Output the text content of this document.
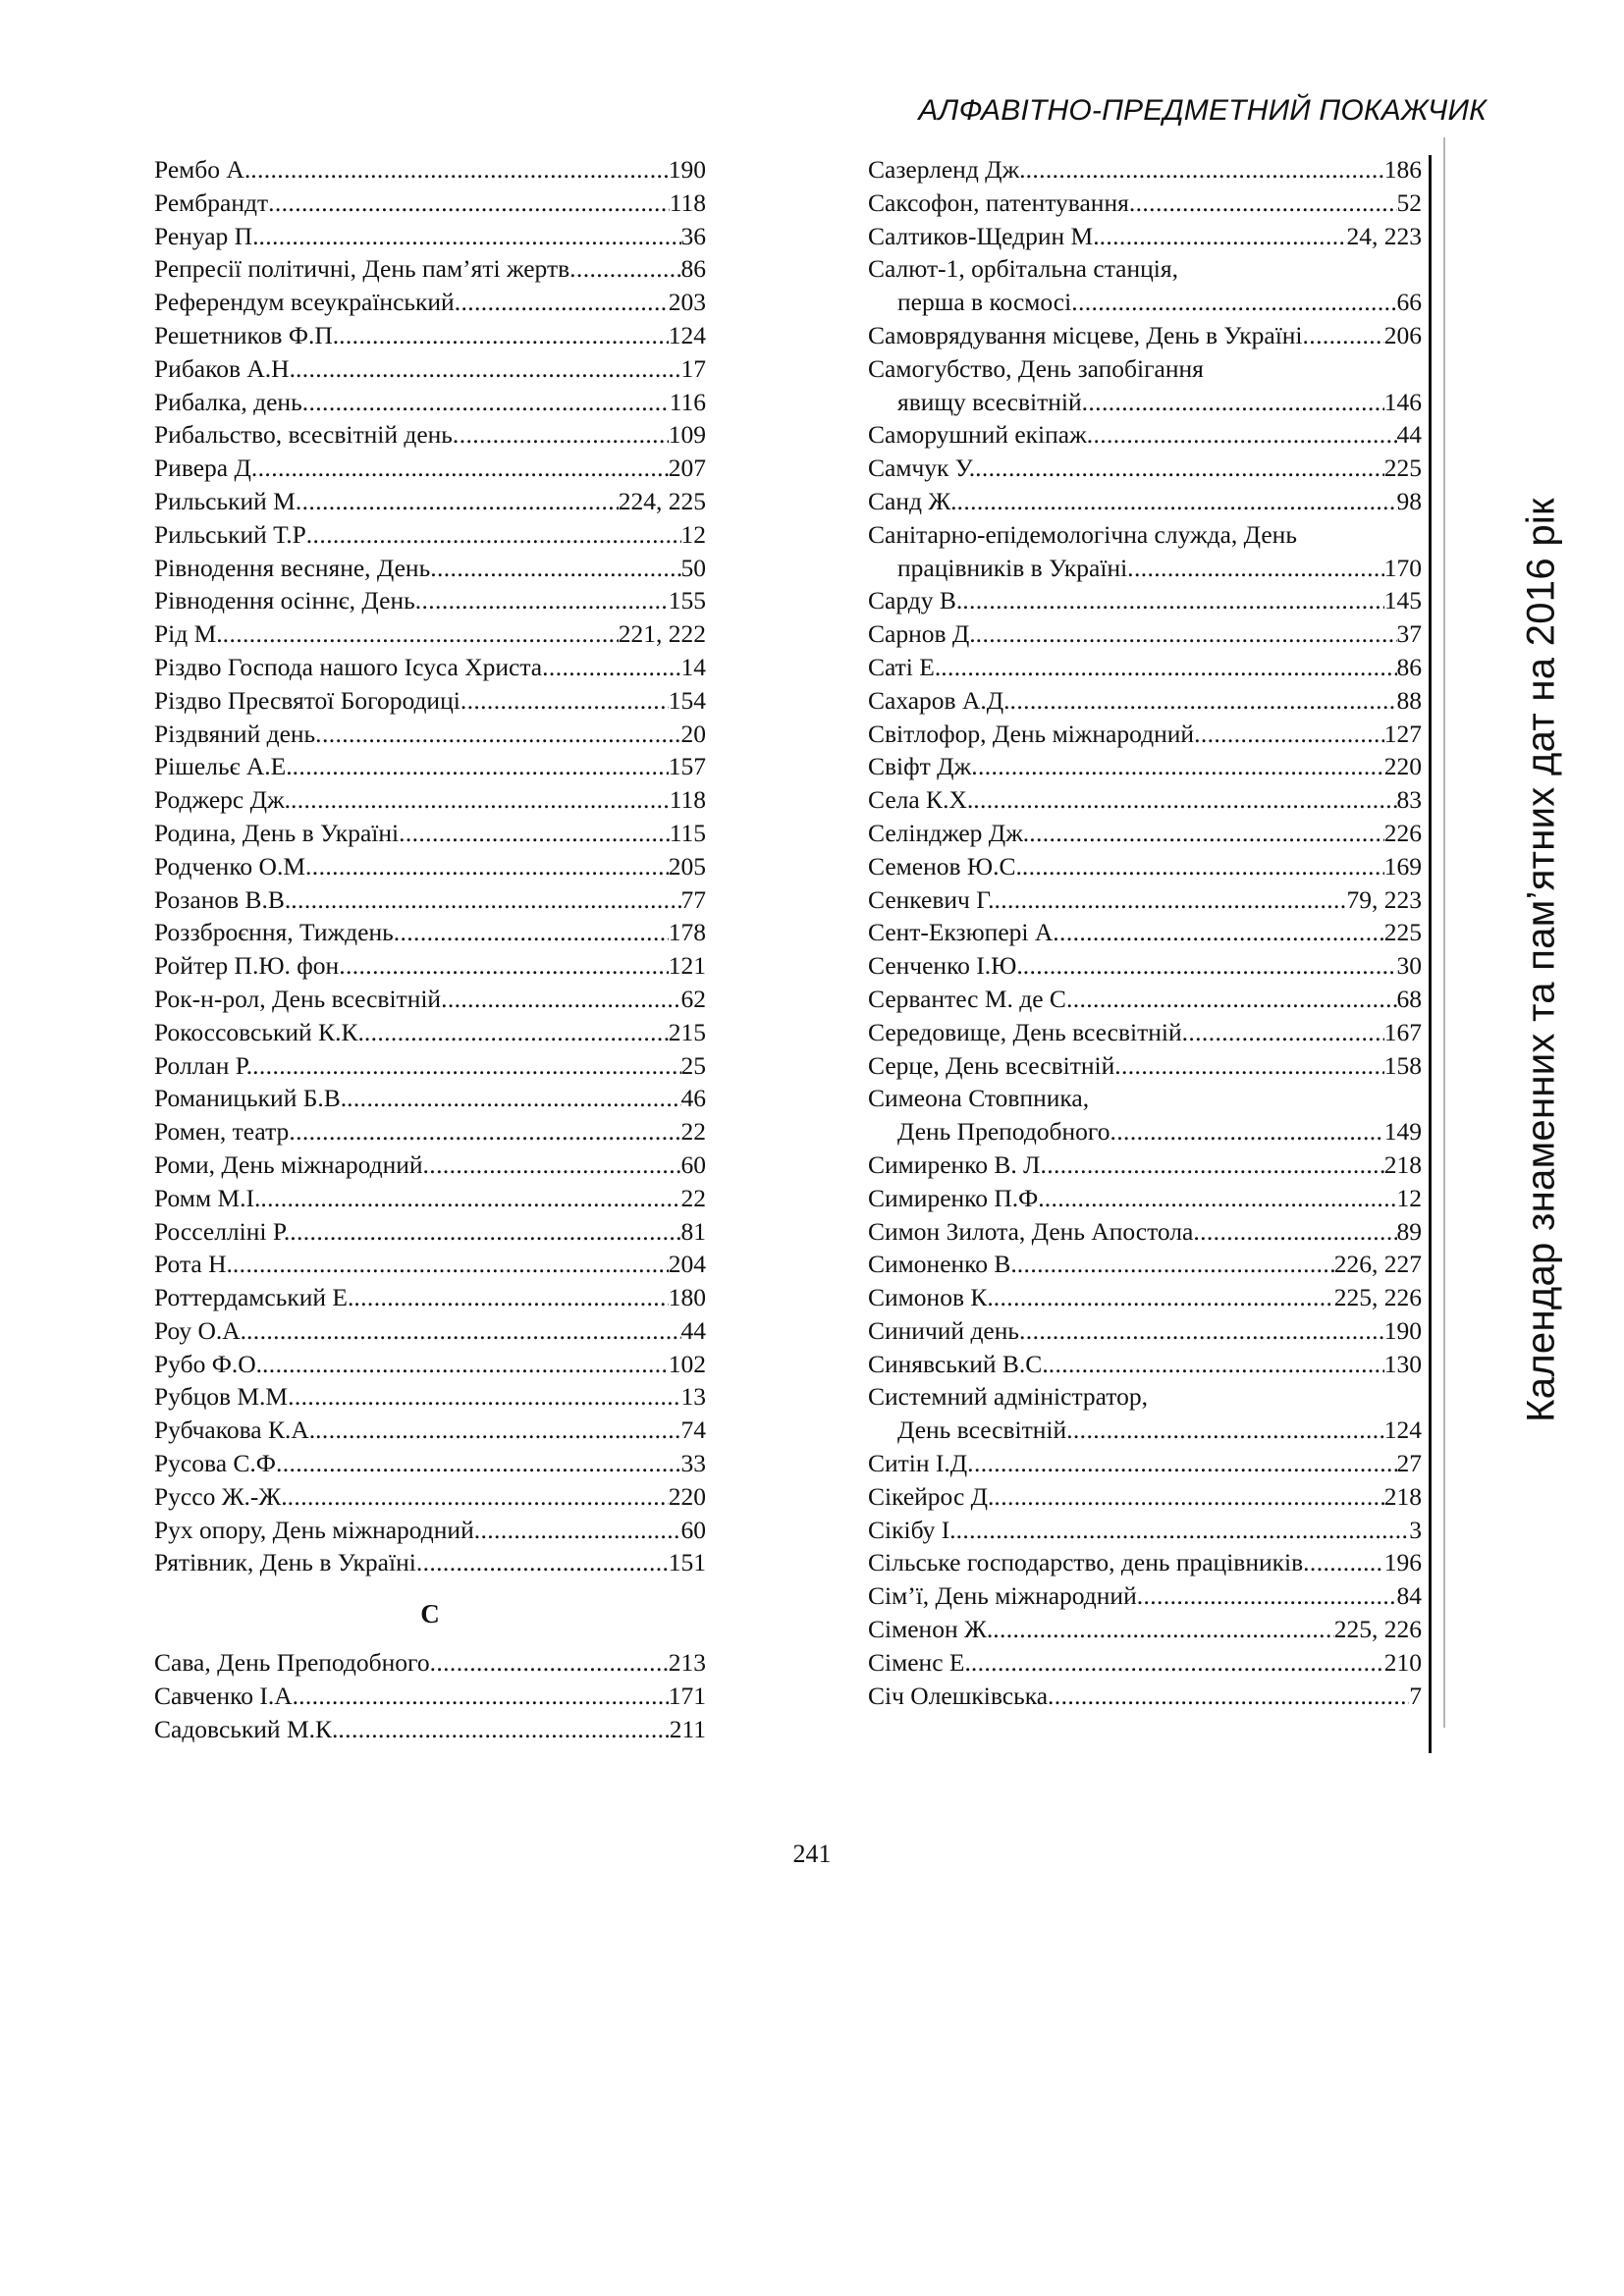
АЛФАВІТНО-ПРЕДМЕТНИЙ ПОКАЖЧИК
Рембо А. .....	190
Рембрандт .....	118
Ренуар П. .....	36
Репресії політичні, День пам’яті жертв .....	86
Референдум всеукраїнський .....	203
Решетников Ф.П. .....	124
Рибаков А.Н. .....	17
Рибалка, день .....	116
Рибальство, всесвітній день .....	109
Ривера Д .....	207
Рильський М .....	224, 225
Рильський Т.Р .....	12
Рівнодення весняне, День .....	50
Рівнодення осіннє, День .....	155
Рід М. .....	221, 222
Різдво Господа нашого Ісуса Христа .....	14
Різдво Пресвятої Богородиці .....	154
Різдвяний день .....	20
Рішельє А.Е. .....	157
Роджерс Дж. .....	118
Родина, День в Україні .....	115
Родченко О.М .....	205
Розанов В.В. .....	77
Роззброєння, Тиждень .....	178
Ройтер П.Ю. фон .....	121
Рок-н-рол, День всесвітній .....	62
Рокоссовський К.К. .....	215
Роллан Р. .....	25
Романицький Б.В. .....	46
Ромен, театр .....	22
Роми, День міжнародний .....	60
Ромм М.І. .....	22
Росселліні Р. .....	81
Рота Н. .....	204
Роттердамський Е. .....	180
Роу О.А. .....	44
Рубо Ф.О. .....	102
Рубцов М.М .....	13
Рубчакова К.А. .....	74
Русова С.Ф .....	33
Руссо Ж.-Ж. .....	220
Рух опору, День міжнародний .....	60
Рятівник, День в Україні .....	151
С
Сава, День Преподобного .....	213
Савченко І.А. .....	171
Садовський М.К. .....	211
Сазерленд Дж. .....	186
Саксофон, патентування .....	52
Салтиков-Щедрин М. .....	24, 223
Салют-1, орбітальна станція,
перша в космосі .....	66
Самоврядування місцеве, День в Україні .....	206
Самогубство, День запобігання
явищу всесвітній .....	146
Саморушний екіпаж .....	44
Самчук У. .....	225
Санд Ж. .....	98
Санітарно-епідемологічна служда, День
працівників в Україні .....	170
Сарду В. .....	145
Сарнов Д. .....	37
Саті Е. .....	86
Сахаров А.Д. .....	88
Світлофор, День міжнародний .....	127
Свіфт Дж .....	220
Села К.Х. .....	83
Селінджер Дж. .....	226
Семенов Ю.С. .....	169
Сенкевич Г. .....	79, 223
Сент-Екзюпері А .....	225
Сенченко І.Ю. .....	30
Сервантес М. де С .....	68
Середовище, День всесвітній .....	167
Серце, День всесвітній .....	158
Симеона Стовпника,
День Преподобного .....	149
Симиренко В. Л .....	218
Симиренко П.Ф. .....	12
Симон Зилота, День Апостола .....	89
Симоненко В. .....	226, 227
Симонов К. .....	225, 226
Синичий день .....	190
Синявський В.С. .....	130
Системний адміністратор,
День всесвітній .....	124
Ситін І.Д .....	27
Сікейрос Д. .....	218
Сікібу І. .....	3
Сільське господарство, день працівників .....	196
Сім’ї, День міжнародний .....	84
Сіменон Ж. .....	225, 226
Сіменс Е. .....	210
Січ Олешківська .....	7
Календар знаменних та пам’ятних дат на 2016 рік
241
